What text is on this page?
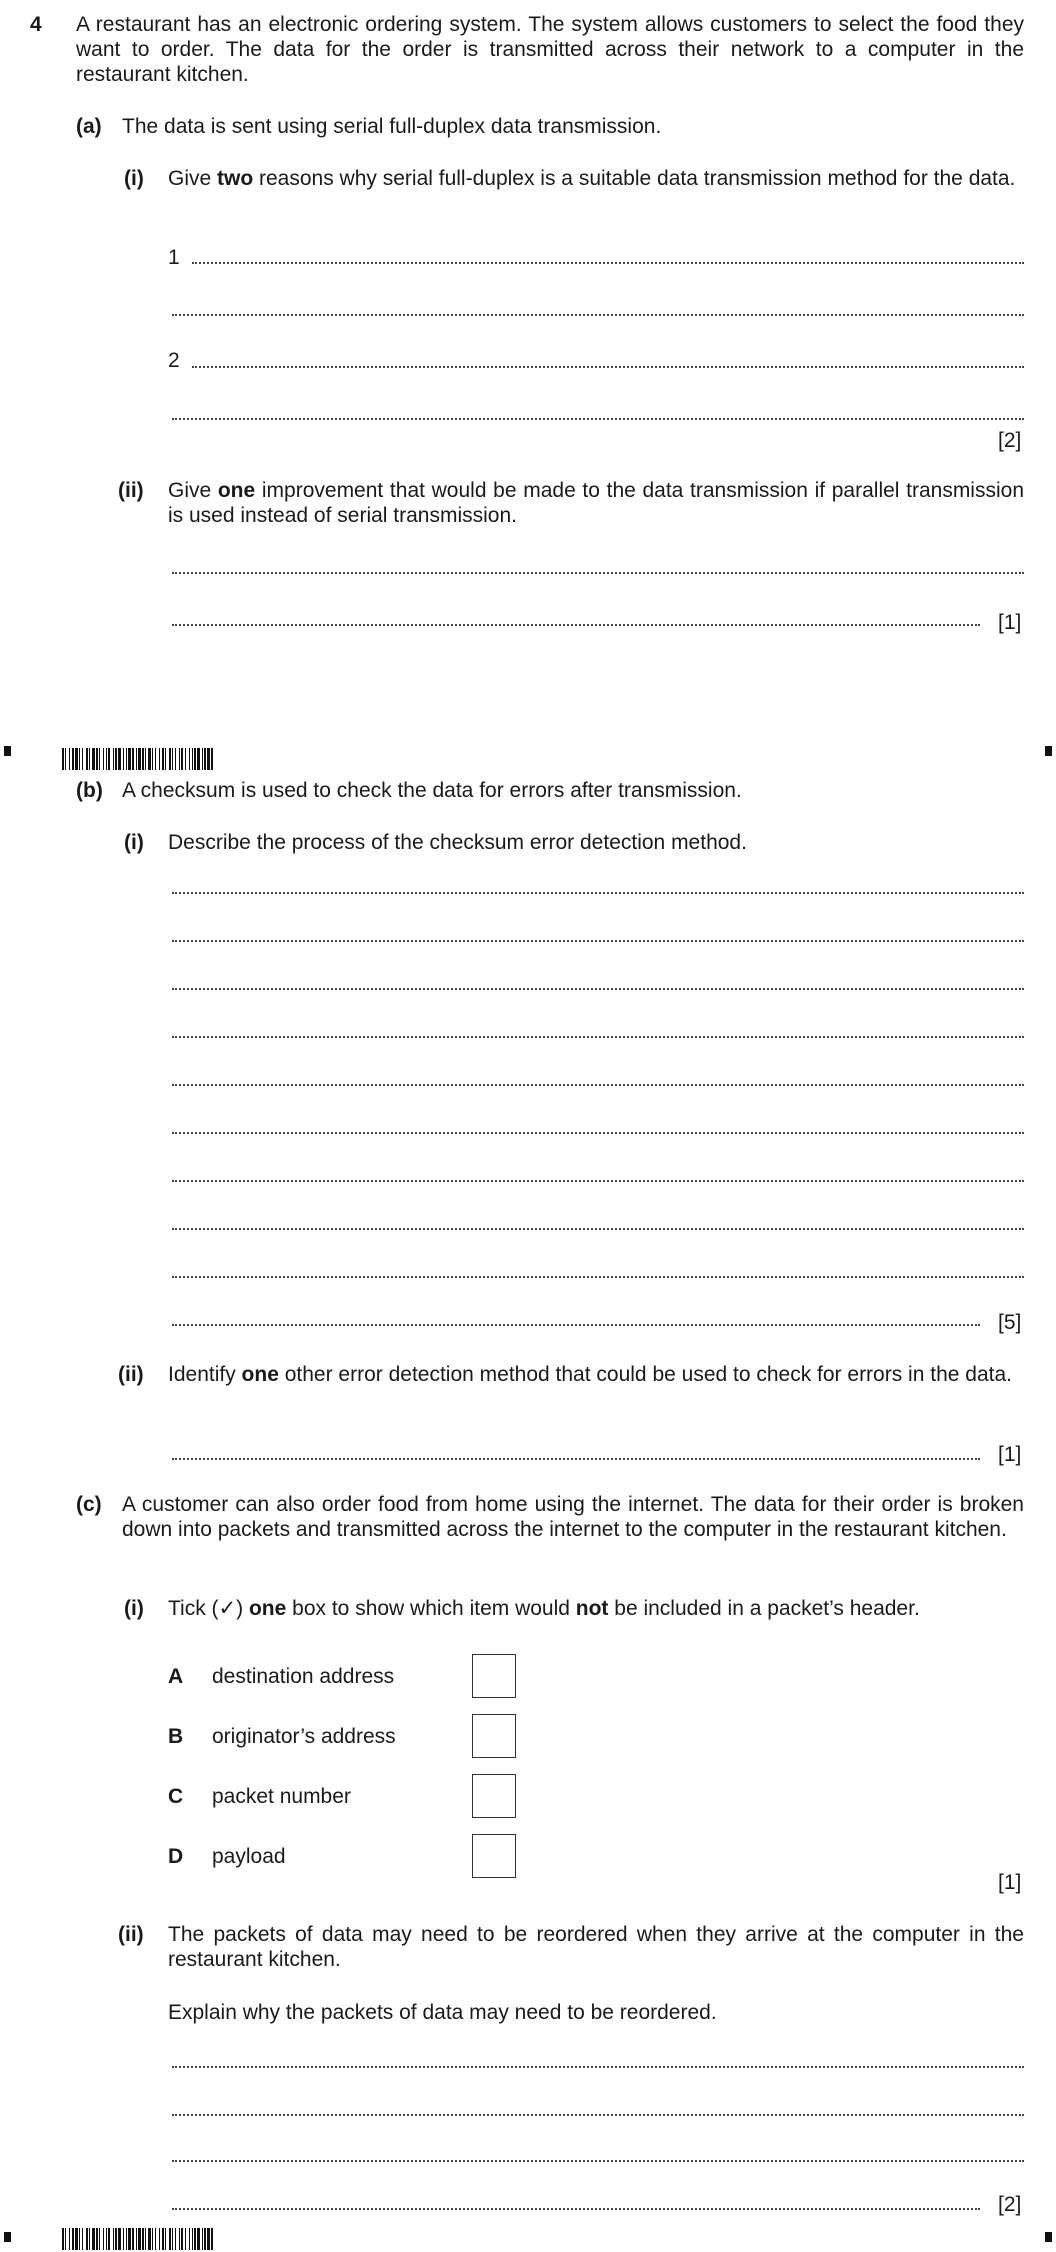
4 A restaurant has an electronic ordering system. The system allows customers to select the food they want to order. The data for the order is transmitted across their network to a computer in the restaurant kitchen.
(a) The data is sent using serial full-duplex data transmission.
(i) Give two reasons why serial full-duplex is a suitable data transmission method for the data.
1
2
[2]
(ii) Give one improvement that would be made to the data transmission if parallel transmission is used instead of serial transmission.
[1]
(b) A checksum is used to check the data for errors after transmission.
(i) Describe the process of the checksum error detection method.
[5]
(ii) Identify one other error detection method that could be used to check for errors in the data.
[1]
(c) A customer can also order food from home using the internet. The data for their order is broken down into packets and transmitted across the internet to the computer in the restaurant kitchen.
(i) Tick (✓) one box to show which item would not be included in a packet’s header.
A destination address
B originator’s address
C packet number
D payload
[1]
(ii) The packets of data may need to be reordered when they arrive at the computer in the restaurant kitchen.
Explain why the packets of data may need to be reordered.
[2]
